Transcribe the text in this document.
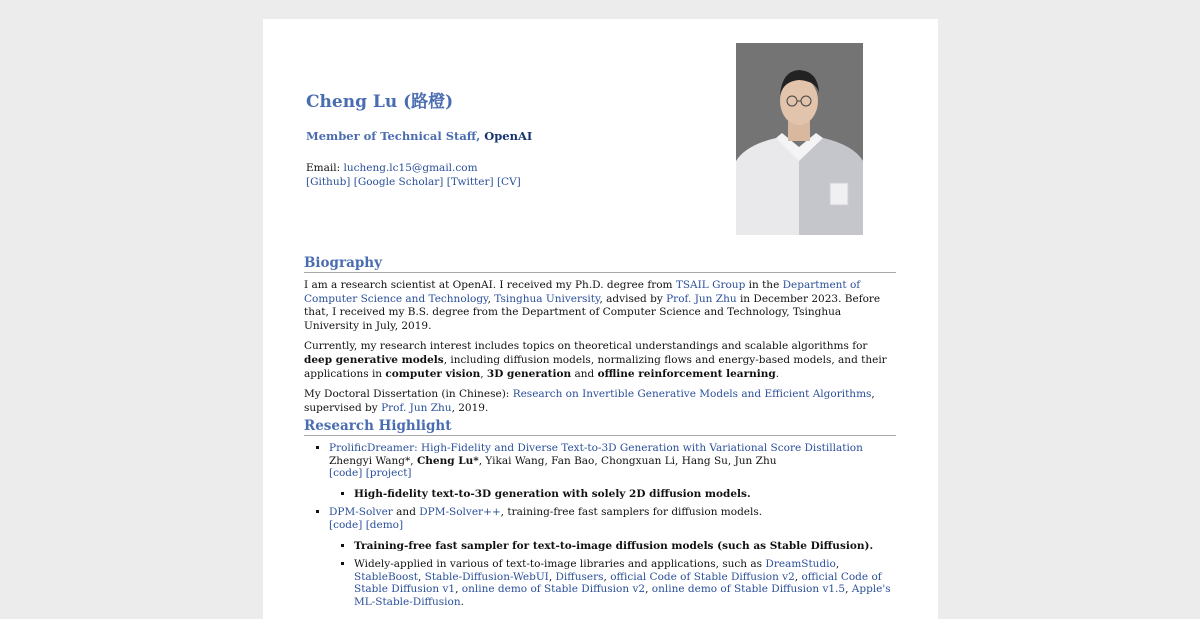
Cheng Lu (路橙)
Member of Technical Staff, OpenAI
Email: lucheng.lc15@gmail.com
[Github] [Google Scholar] [Twitter] [CV]
Biography

I am a research scientist at OpenAI. I received my Ph.D. degree from TSAIL Group in the Department of Computer Science and Technology, Tsinghua University, advised by Prof. Jun Zhu in December 2023. Before that, I received my B.S. degree from the Department of Computer Science and Technology, Tsinghua University in July, 2019.

Currently, my research interest includes topics on theoretical understandings and scalable algorithms for deep generative models, including diffusion models, normalizing flows and energy-based models, and their applications in computer vision, 3D generation and offline reinforcement learning.

My Doctoral Dissertation (in Chinese): Research on Invertible Generative Models and Efficient Algorithms, supervised by Prof. Jun Zhu, 2019.

Research Highlight
▪ ProlificDreamer: High-Fidelity and Diverse Text-to-3D Generation with Variational Score Distillation
Zhengyi Wang*, Cheng Lu*, Yikai Wang, Fan Bao, Chongxuan Li, Hang Su, Jun Zhu
[code] [project]
▪ High-fidelity text-to-3D generation with solely 2D diffusion models.
▪ DPM-Solver and DPM-Solver++, training-free fast samplers for diffusion models.
[code] [demo]
▪ Training-free fast sampler for text-to-image diffusion models (such as Stable Diffusion).
▪ Widely-applied in various of text-to-image libraries and applications, such as DreamStudio, StableBoost, Stable-Diffusion-WebUI, Diffusers, official Code of Stable Diffusion v2, official Code of Stable Diffusion v1, online demo of Stable Diffusion v2, online demo of Stable Diffusion v1.5, Apple's ML-Stable-Diffusion.
